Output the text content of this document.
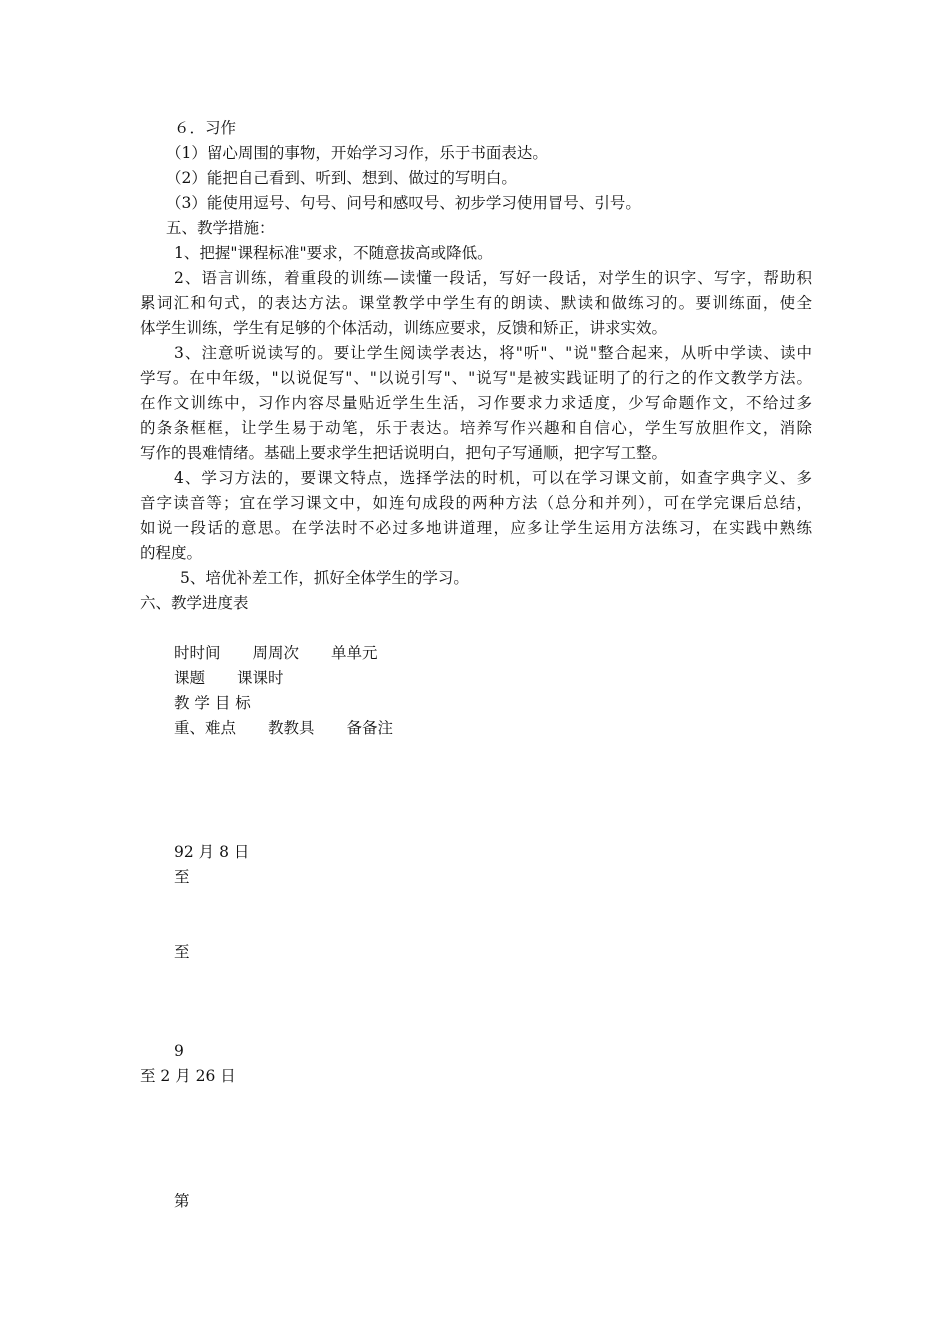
６．习作
（1）留心周围的事物，开始学习习作，乐于书面表达。
（2）能把自己看到、听到、想到、做过的写明白。
（3）能使用逗号、句号、问号和感叹号、初步学习使用冒号、引号。
五、教学措施：
1、把握"课程标准"要求，不随意拔高或降低。
2、语言训练，着重段的训练—读懂一段话，写好一段话，对学生的识字、写字，帮助积
累词汇和句式，的表达方法。课堂教学中学生有的朗读、默读和做练习的。要训练面，使全
体学生训练，学生有足够的个体活动，训练应要求，反馈和矫正，讲求实效。
3、注意听说读写的。要让学生阅读学表达，将"听"、"说"整合起来，从听中学读、读中
学写。在中年级，"以说促写"、"以说引写"、"说写"是被实践证明了的行之的作文教学方法。
在作文训练中，习作内容尽量贴近学生生活，习作要求力求适度，少写命题作文，不给过多
的条条框框，让学生易于动笔，乐于表达。培养写作兴趣和自信心，学生写放胆作文，消除
写作的畏难情绪。基础上要求学生把话说明白，把句子写通顺，把字写工整。
4、学习方法的，要课文特点，选择学法的时机，可以在学习课文前，如查字典字义、多
音字读音等；宜在学习课文中，如连句成段的两种方法（总分和并列），可在学完课后总结，
如说一段话的意思。在学法时不必过多地讲道理，应多让学生运用方法练习，在实践中熟练
的程度。
5、培优补差工作，抓好全体学生的学习。
六、教学进度表
时时间 周周次 单单元
课题 课课时
教 学 目 标
重、难点 教教具 备备注
92 月 8 日
至
至
9
至 2 月 26 日
第
